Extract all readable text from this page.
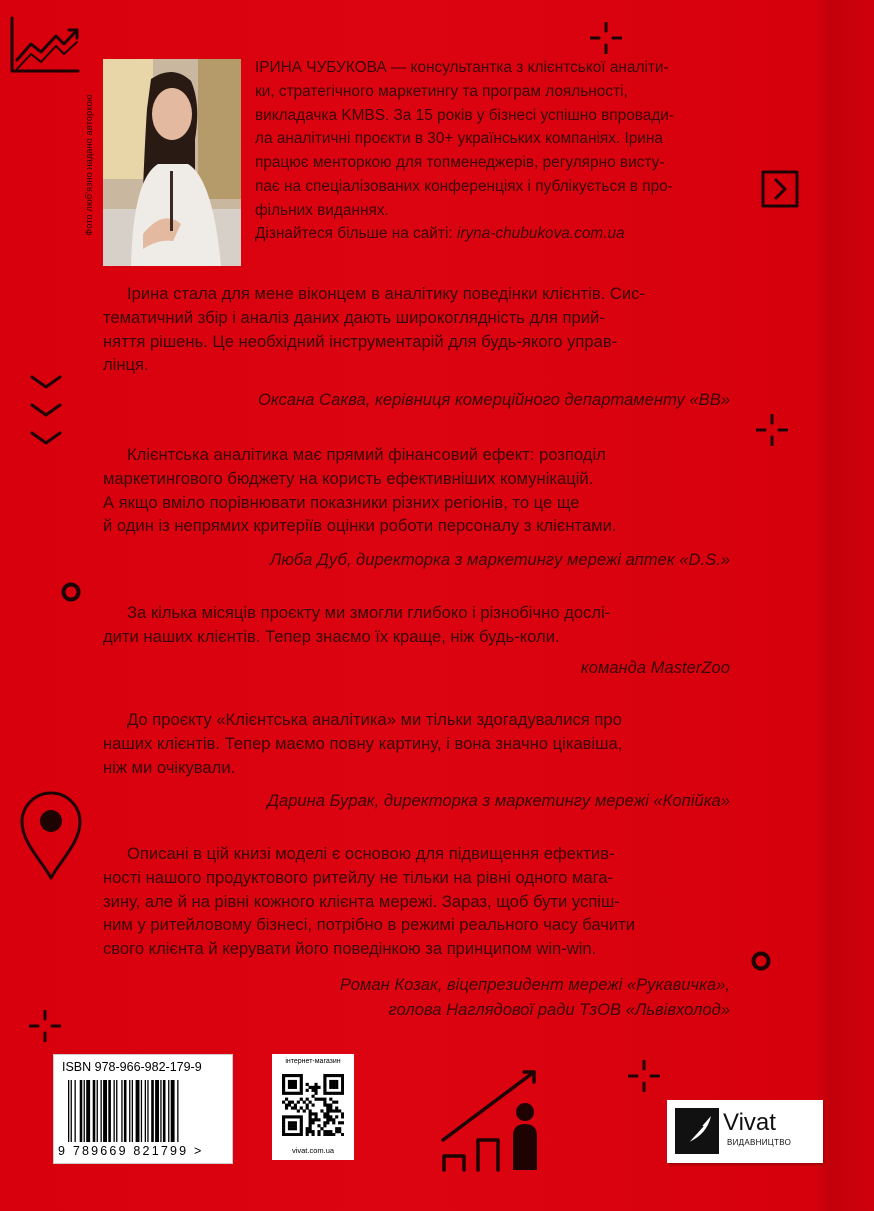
Фото люб'язно надано авторкою

ІРИНА ЧУБУКОВА — консультантка з клієнтської аналіти-

ки, стратегічного маркетингу та програм лояльності,

викладачка KMBS. За 15 років у бізнесі успішно впровади-

ла аналітичні проєкти в 30+ українських компаніях. Ірина

працює менторкою для топменеджерів, регулярно висту-

пає на спеціалізованих конференціях і публікується в про-

фільних виданнях.

Дізнайтеся більше на сайті: iryna-chubukova.com.ua

Ірина стала для мене віконцем в аналітику поведінки клієнтів. Сис-

тематичний збір і аналіз даних дають широкоглядність для прий-

няття рішень. Це необхідний інструментарій для будь-якого управ-

лінця.

Оксана Саква, керівниця комерційного департаменту «ВВ»

Клієнтська аналітика має прямий фінансовий ефект: розподіл

маркетингового бюджету на користь ефективніших комунікацій.

А якщо вміло порівнювати показники різних регіонів, то це ще

й один із непрямих критеріїв оцінки роботи персоналу з клієнтами.

Люба Дуб, директорка з маркетингу мережі аптек «D.S.»

За кілька місяців проєкту ми змогли глибоко і різнобічно дослі-

дити наших клієнтів. Тепер знаємо їх краще, ніж будь-коли.

команда MasterZoo

До проєкту «Клієнтська аналітика» ми тільки здогадувалися про

наших клієнтів. Тепер маємо повну картину, і вона значно цікавіша,

ніж ми очікували.

Дарина Бурак, директорка з маркетингу мережі «Копійка»

Описані в цій книзі моделі є основою для підвищення ефектив-

ності нашого продуктового ритейлу не тільки на рівні одного мага-

зину, але й на рівні кожного клієнта мережі. Зараз, щоб бути успіш-

ним у ритейловому бізнесі, потрібно в режимі реального часу бачити

свого клієнта й керувати його поведінкою за принципом win-win.

Роман Козак, віцепрезидент мережі «Рукавичка»,
голова Наглядової ради ТзОВ «Львівхолод»
ISBN 978-966-982-179-9
9 789669 821799 >
інтернет-магазин
vivat.com.ua
Vivat
ВИДАВНИЦТВО
